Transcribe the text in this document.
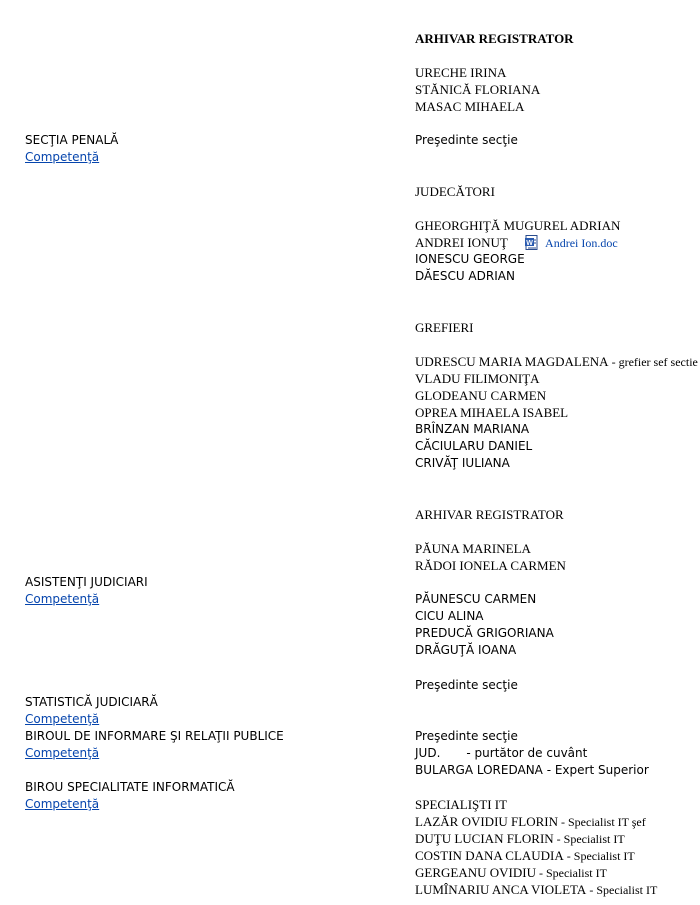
SECŢIA PENALĂ
Competenţă
ASISTENŢI JUDICIARI
Competenţă
STATISTICĂ JUDICIARĂ
Competenţă
BIROUL DE INFORMARE ŞI RELAŢII PUBLICE
Competenţă
BIROU SPECIALITATE INFORMATICĂ
Competenţă
ARHIVAR REGISTRATOR
URECHE IRINA
STĂNICĂ FLORIANA
MASAC MIHAELA
Preşedinte secţie
JUDECĂTORI
GHEORGHIŢĂ MUGUREL ADRIAN
ANDREI IONUŢ	W Andrei Ion.doc
IONESCU GEORGE
DĂESCU ADRIAN
GREFIERI
UDRESCU MARIA MAGDALENA - grefier sef sectie
VLADU FILIMONIŢA
GLODEANU CARMEN
OPREA MIHAELA ISABEL
BRÎNZAN MARIANA
CĂCIULARU DANIEL
CRIVĂŢ IULIANA
ARHIVAR REGISTRATOR
PĂUNA MARINELA
RĂDOI IONELA CARMEN
PĂUNESCU CARMEN
CICU ALINA
PREDUCĂ GRIGORIANA
DRĂGUŢĂ IOANA
Preşedinte secţie
Preşedinte secţie
JUD. - purtător de cuvânt
BULARGA LOREDANA - Expert Superior
SPECIALIŞTI IT
LAZĂR OVIDIU FLORIN - Specialist IT şef
DUŢU LUCIAN FLORIN - Specialist IT
COSTIN DANA CLAUDIA - Specialist IT
GERGEANU OVIDIU - Specialist IT
LUMÎNARIU ANCA VIOLETA - Specialist IT
